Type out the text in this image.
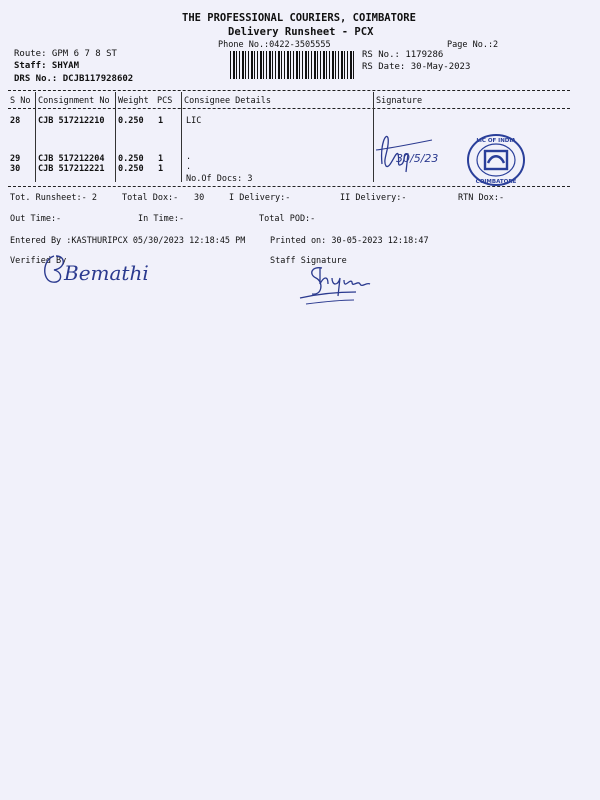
THE PROFESSIONAL COURIERS, COIMBATORE
Delivery Runsheet - PCX
Phone No.:0422-3505555	Page No.:2
Route: GPM 6 7 8 ST
Staff: SHYAM
DRS No.: DCJB117928602
RS No.: 1179286
RS Date: 30-May-2023
S No Consignment No Weight PCS Consignee Details	Signature
28 CJB 517212210 0.250 1	LIC
29 CJB 517212204 0.250 1	.
30 CJB 517212221 0.250 1	.
No.Of Docs: 3
30/5/23
LIC OF INDIA
COIMBATORE
Tot. Runsheet:- 2	Total Dox:- 30	I Delivery:-	II Delivery:-	RTN Dox:-
Out Time:-	In Time:-	Total POD:-
Entered By :KASTHURIPCX 05/30/2023 12:18:45 PM	Printed on: 30-05-2023 12:18:47
Verified By	Staff Signature
Bemathi
